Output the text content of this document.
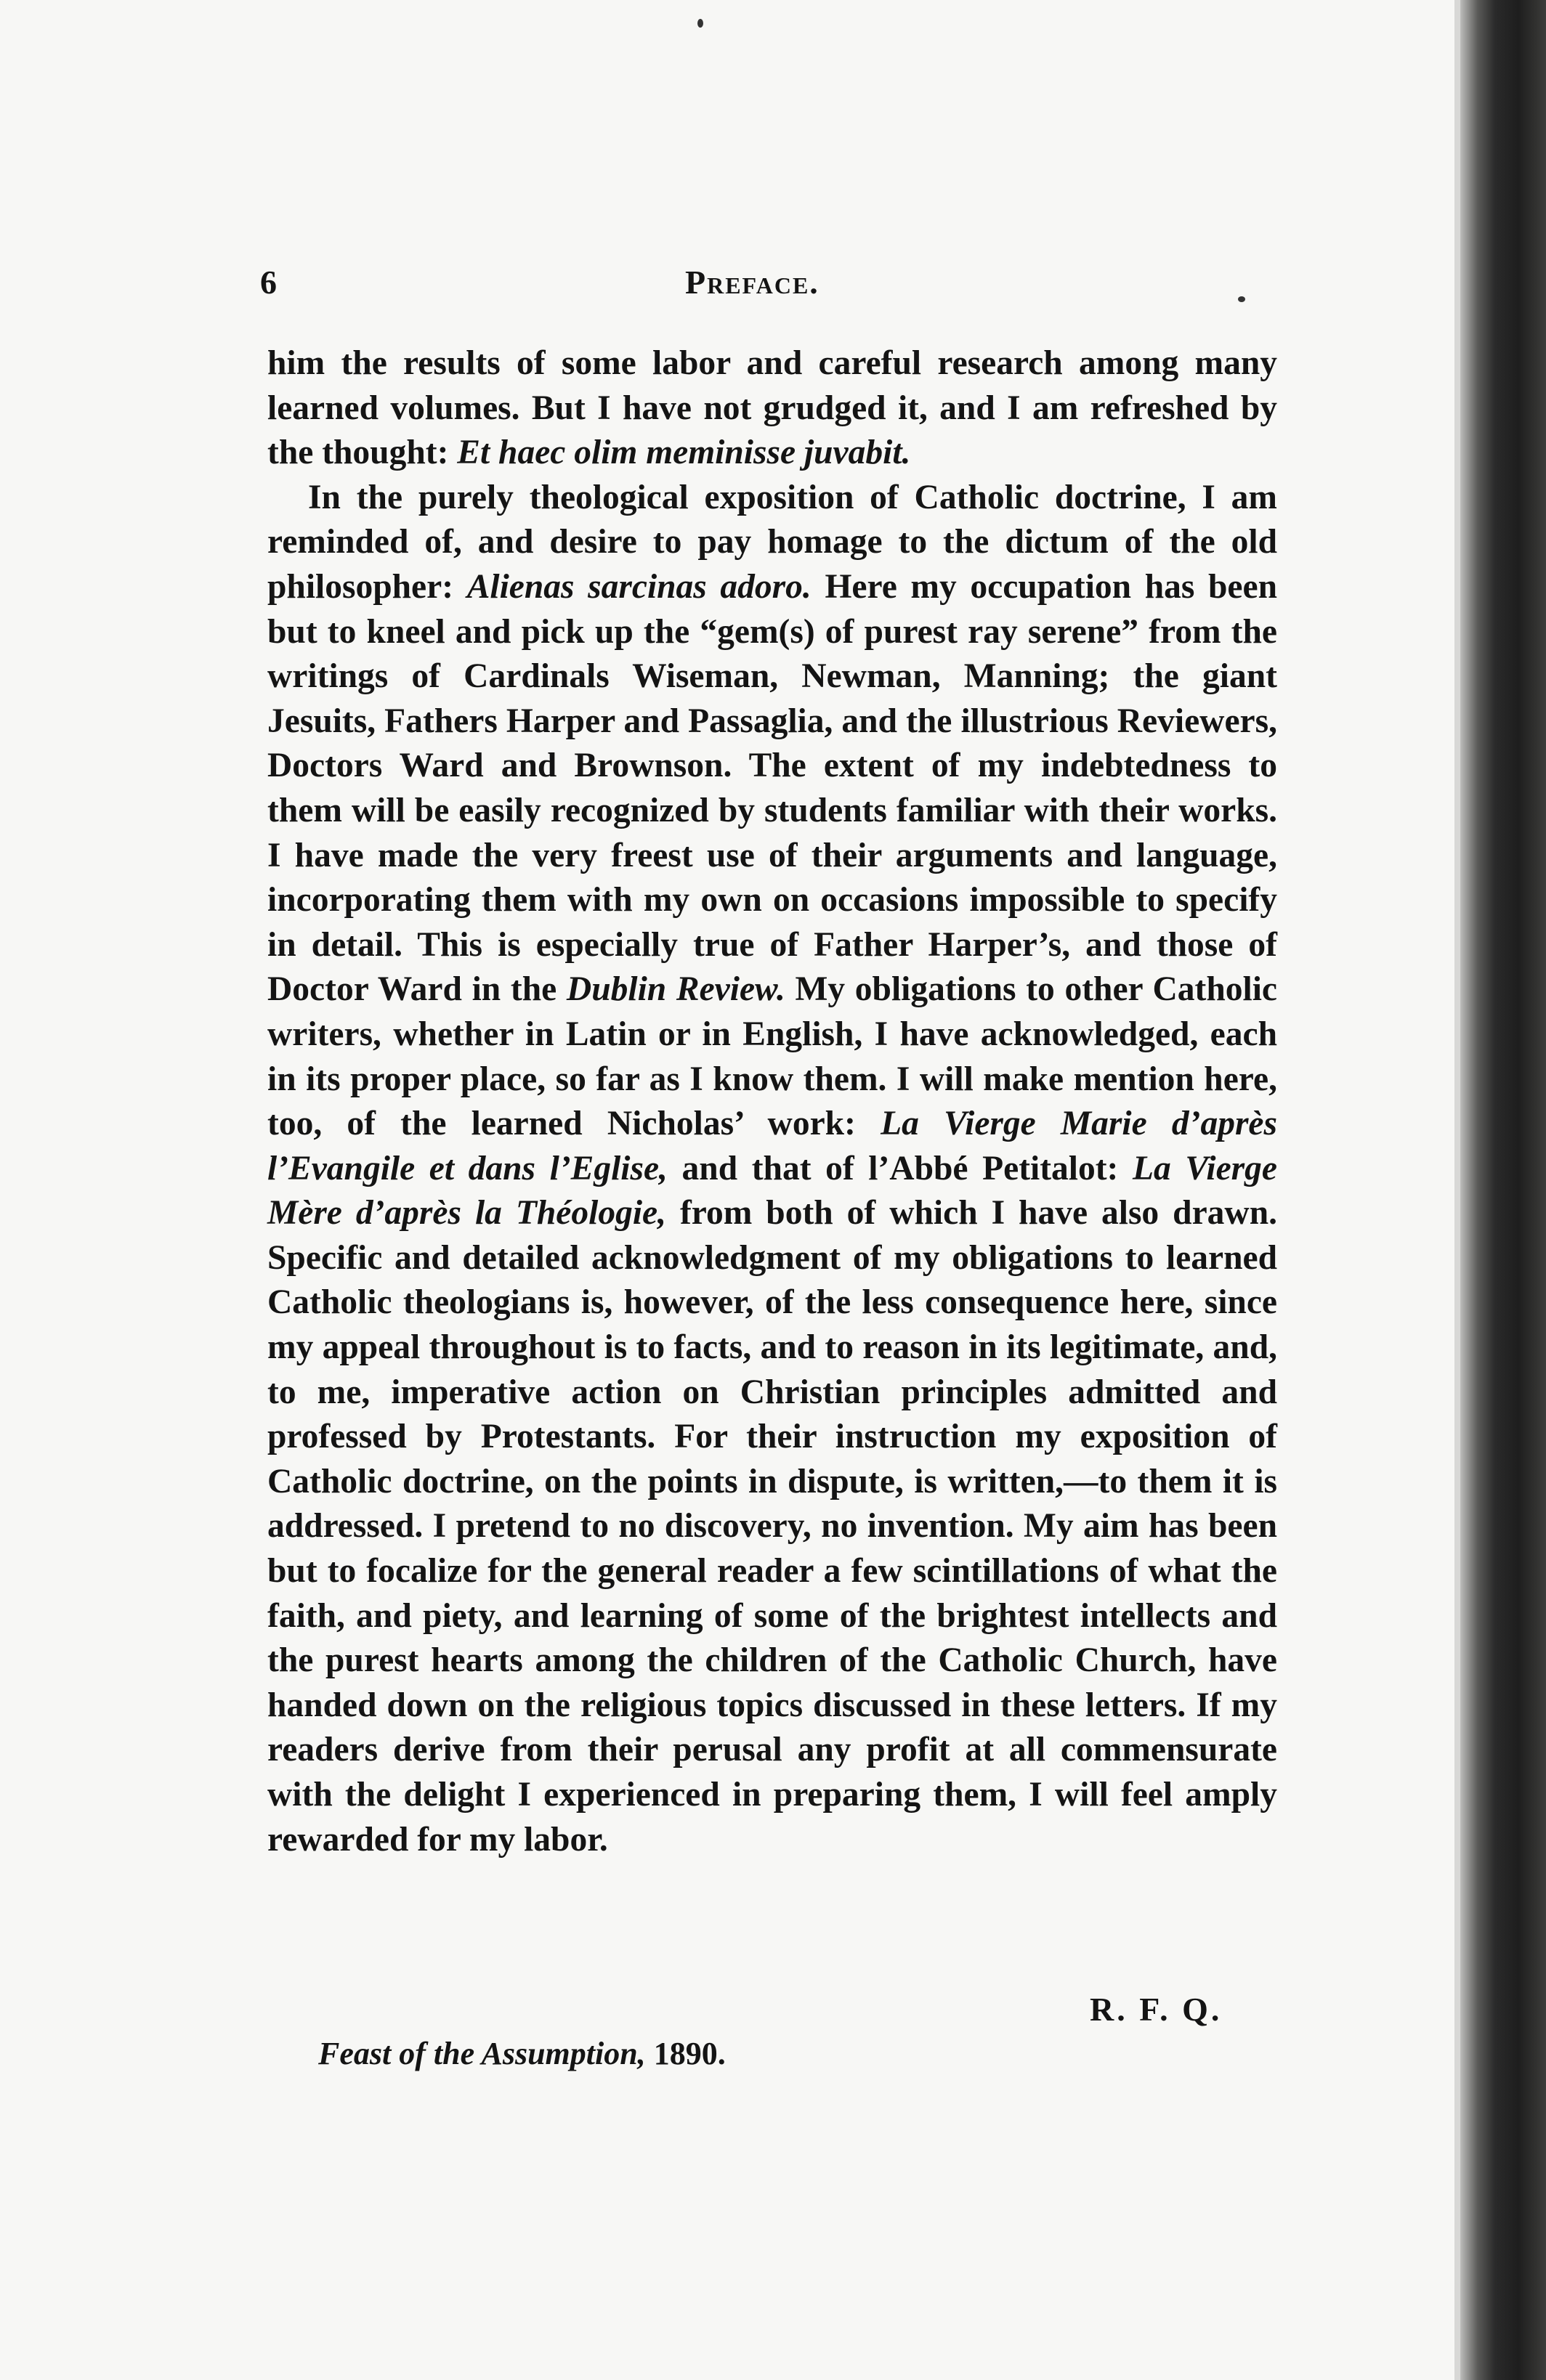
6	Preface.

him the results of some labor and careful research among many learned volumes. But I have not grudged it, and I am refreshed by the thought: Et haec olim meminisse juvabit.

In the purely theological exposition of Catholic doctrine, I am reminded of, and desire to pay homage to the dictum of the old philosopher: Alienas sarcinas adoro. Here my occupation has been but to kneel and pick up the “gem(s) of purest ray serene” from the writings of Cardinals Wiseman, Newman, Manning; the giant Jesuits, Fathers Harper and Passaglia, and the illustrious Reviewers, Doctors Ward and Brownson. The extent of my indebtedness to them will be easily recognized by students familiar with their works. I have made the very freest use of their arguments and language, incorporating them with my own on occasions impossible to specify in detail. This is especially true of Father Harper’s, and those of Doctor Ward in the Dublin Review. My obligations to other Catholic writers, whether in Latin or in English, I have acknowledged, each in its proper place, so far as I know them. I will make mention here, too, of the learned Nicholas’ work: La Vierge Marie d’après l’Evangile et dans l’Eglise, and that of l’Abbé Petitalot: La Vierge Mère d’après la Théologie, from both of which I have also drawn. Specific and detailed acknowledgment of my obligations to learned Catholic theologians is, however, of the less consequence here, since my appeal throughout is to facts, and to reason in its legitimate, and, to me, imperative action on Christian principles admitted and professed by Protestants. For their instruction my exposition of Catholic doctrine, on the points in dispute, is written,—to them it is addressed. I pretend to no discovery, no invention. My aim has been but to focalize for the general reader a few scintillations of what the faith, and piety, and learning of some of the brightest intellects and the purest hearts among the children of the Catholic Church, have handed down on the religious topics discussed in these letters. If my readers derive from their perusal any profit at all commensurate with the delight I experienced in preparing them, I will feel amply rewarded for my labor.

R. F. Q.
Feast of the Assumption, 1890.
